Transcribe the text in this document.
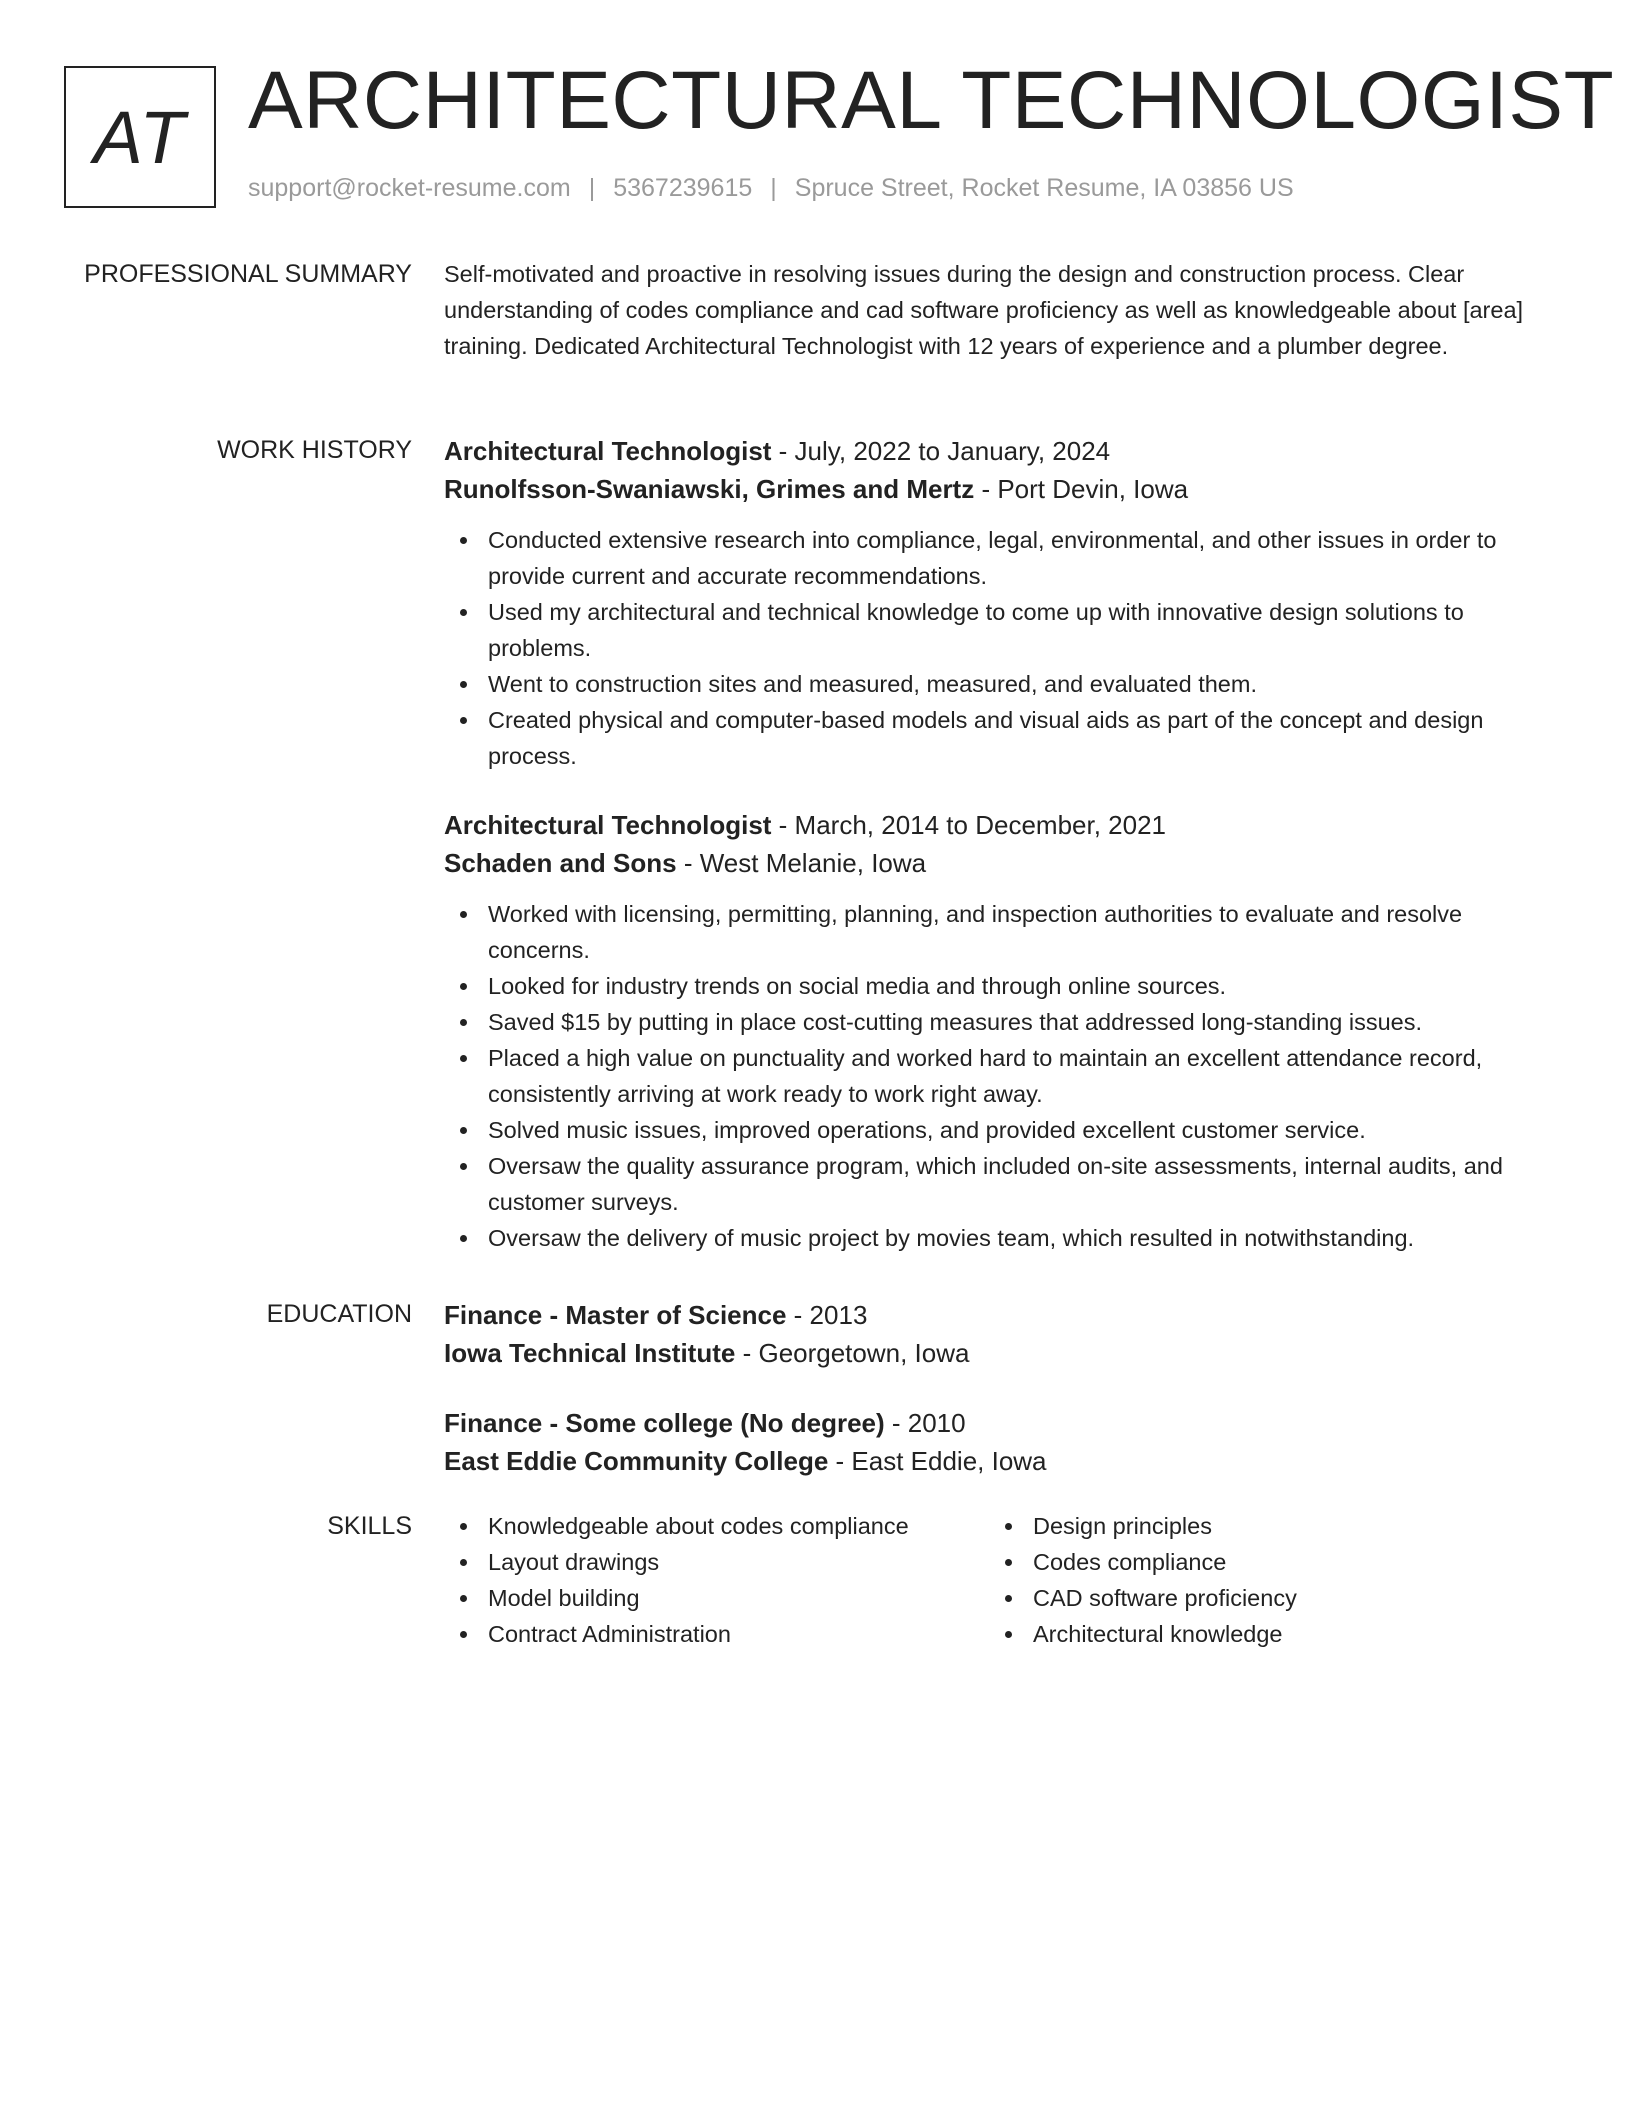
AT ARCHITECTURAL TECHNOLOGIST
support@rocket-resume.com | 5367239615 | Spruce Street, Rocket Resume, IA 03856 US
PROFESSIONAL SUMMARY Self-motivated and proactive in resolving issues during the design and construction process. Clear understanding of codes compliance and cad software proficiency as well as knowledgeable about [area] training. Dedicated Architectural Technologist with 12 years of experience and a plumber degree.
WORK HISTORY Architectural Technologist - July, 2022 to January, 2024
Runolfsson-Swaniawski, Grimes and Mertz - Port Devin, Iowa
Conducted extensive research into compliance, legal, environmental, and other issues in order to provide current and accurate recommendations.
Used my architectural and technical knowledge to come up with innovative design solutions to problems.
Went to construction sites and measured, measured, and evaluated them.
Created physical and computer-based models and visual aids as part of the concept and design process.
Architectural Technologist - March, 2014 to December, 2021
Schaden and Sons - West Melanie, Iowa
Worked with licensing, permitting, planning, and inspection authorities to evaluate and resolve concerns.
Looked for industry trends on social media and through online sources.
Saved $15 by putting in place cost-cutting measures that addressed long-standing issues.
Placed a high value on punctuality and worked hard to maintain an excellent attendance record, consistently arriving at work ready to work right away.
Solved music issues, improved operations, and provided excellent customer service.
Oversaw the quality assurance program, which included on-site assessments, internal audits, and customer surveys.
Oversaw the delivery of music project by movies team, which resulted in notwithstanding.
EDUCATION Finance - Master of Science - 2013
Iowa Technical Institute - Georgetown, Iowa
Finance - Some college (No degree) - 2010
East Eddie Community College - East Eddie, Iowa
SKILLS	Knowledgeable about codes compliance
Layout drawings
Model building
Contract Administration
Design principles
Codes compliance
CAD software proficiency
Architectural knowledge
